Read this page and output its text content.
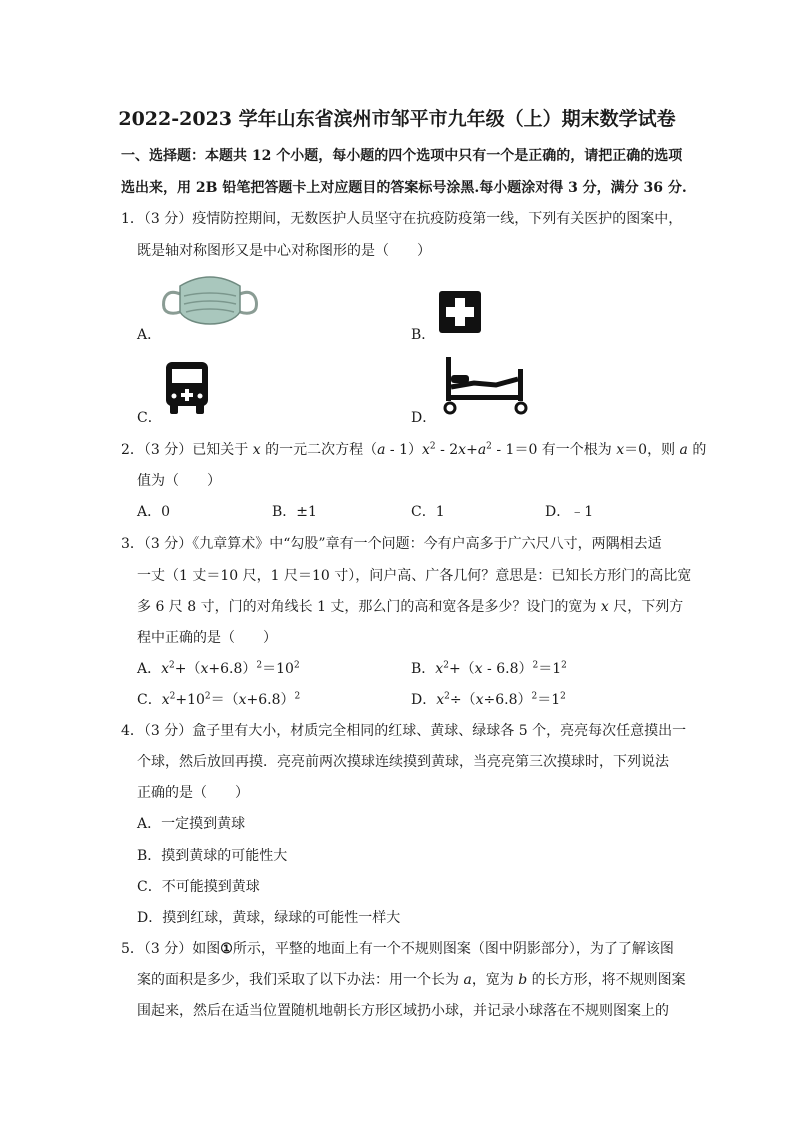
2022-2023 学年山东省滨州市邹平市九年级（上）期末数学试卷
一、选择题：本题共 12 个小题，每小题的四个选项中只有一个是正确的，请把正确的选项
选出来，用 2B 铅笔把答题卡上对应题目的答案标号涂黑.每小题涂对得 3 分，满分 36 分.
1．（3 分）疫情防控期间，无数医护人员坚守在抗疫防疫第一线，下列有关医护的图案中，
既是轴对称图形又是中心对称图形的是（　　）
A．	B．
C．	D．
2．（3 分）已知关于 x 的一元二次方程$(a - 1)x^2 - 2x+a^2 - 1=0$ 有一个根为 x＝0，则 a 的
值为（　　）
A．0	B．±1	C．1	D．﹣1
3．（3 分）《九章算术》中“勾股”章有一个问题：今有户高多于广六尺八寸，两隅相去适
一丈（1 丈＝10 尺，1 尺＝10 寸），问户高、广各几何？意思是：已知长方形门的高比宽
多 6 尺 8 寸，门的对角线长 1 丈，那么门的高和宽各是多少？设门的宽为 x 尺，下列方
程中正确的是（　　）
A．$x^2+(x+6.8)^2=10^2$	B．$x^2+(x - 6.8)^2=1^2$
C．$x^2+10^2=(x+6.8)^2$	D．$x^2\div(x\div 6.8)^2=1^2$
4．（3 分）盒子里有大小，材质完全相同的红球、黄球、绿球各 5 个，亮亮每次任意摸出一
个球，然后放回再摸．亮亮前两次摸球连续摸到黄球，当亮亮第三次摸球时，下列说法
正确的是（　　）
A．一定摸到黄球
B．摸到黄球的可能性大
C．不可能摸到黄球
D．摸到红球，黄球，绿球的可能性一样大
5．（3 分）如图①所示，平整的地面上有一个不规则图案（图中阴影部分），为了了解该图
案的面积是多少，我们采取了以下办法：用一个长为 a，宽为 b 的长方形，将不规则图案
围起来，然后在适当位置随机地朝长方形区域扔小球，并记录小球落在不规则图案上的
